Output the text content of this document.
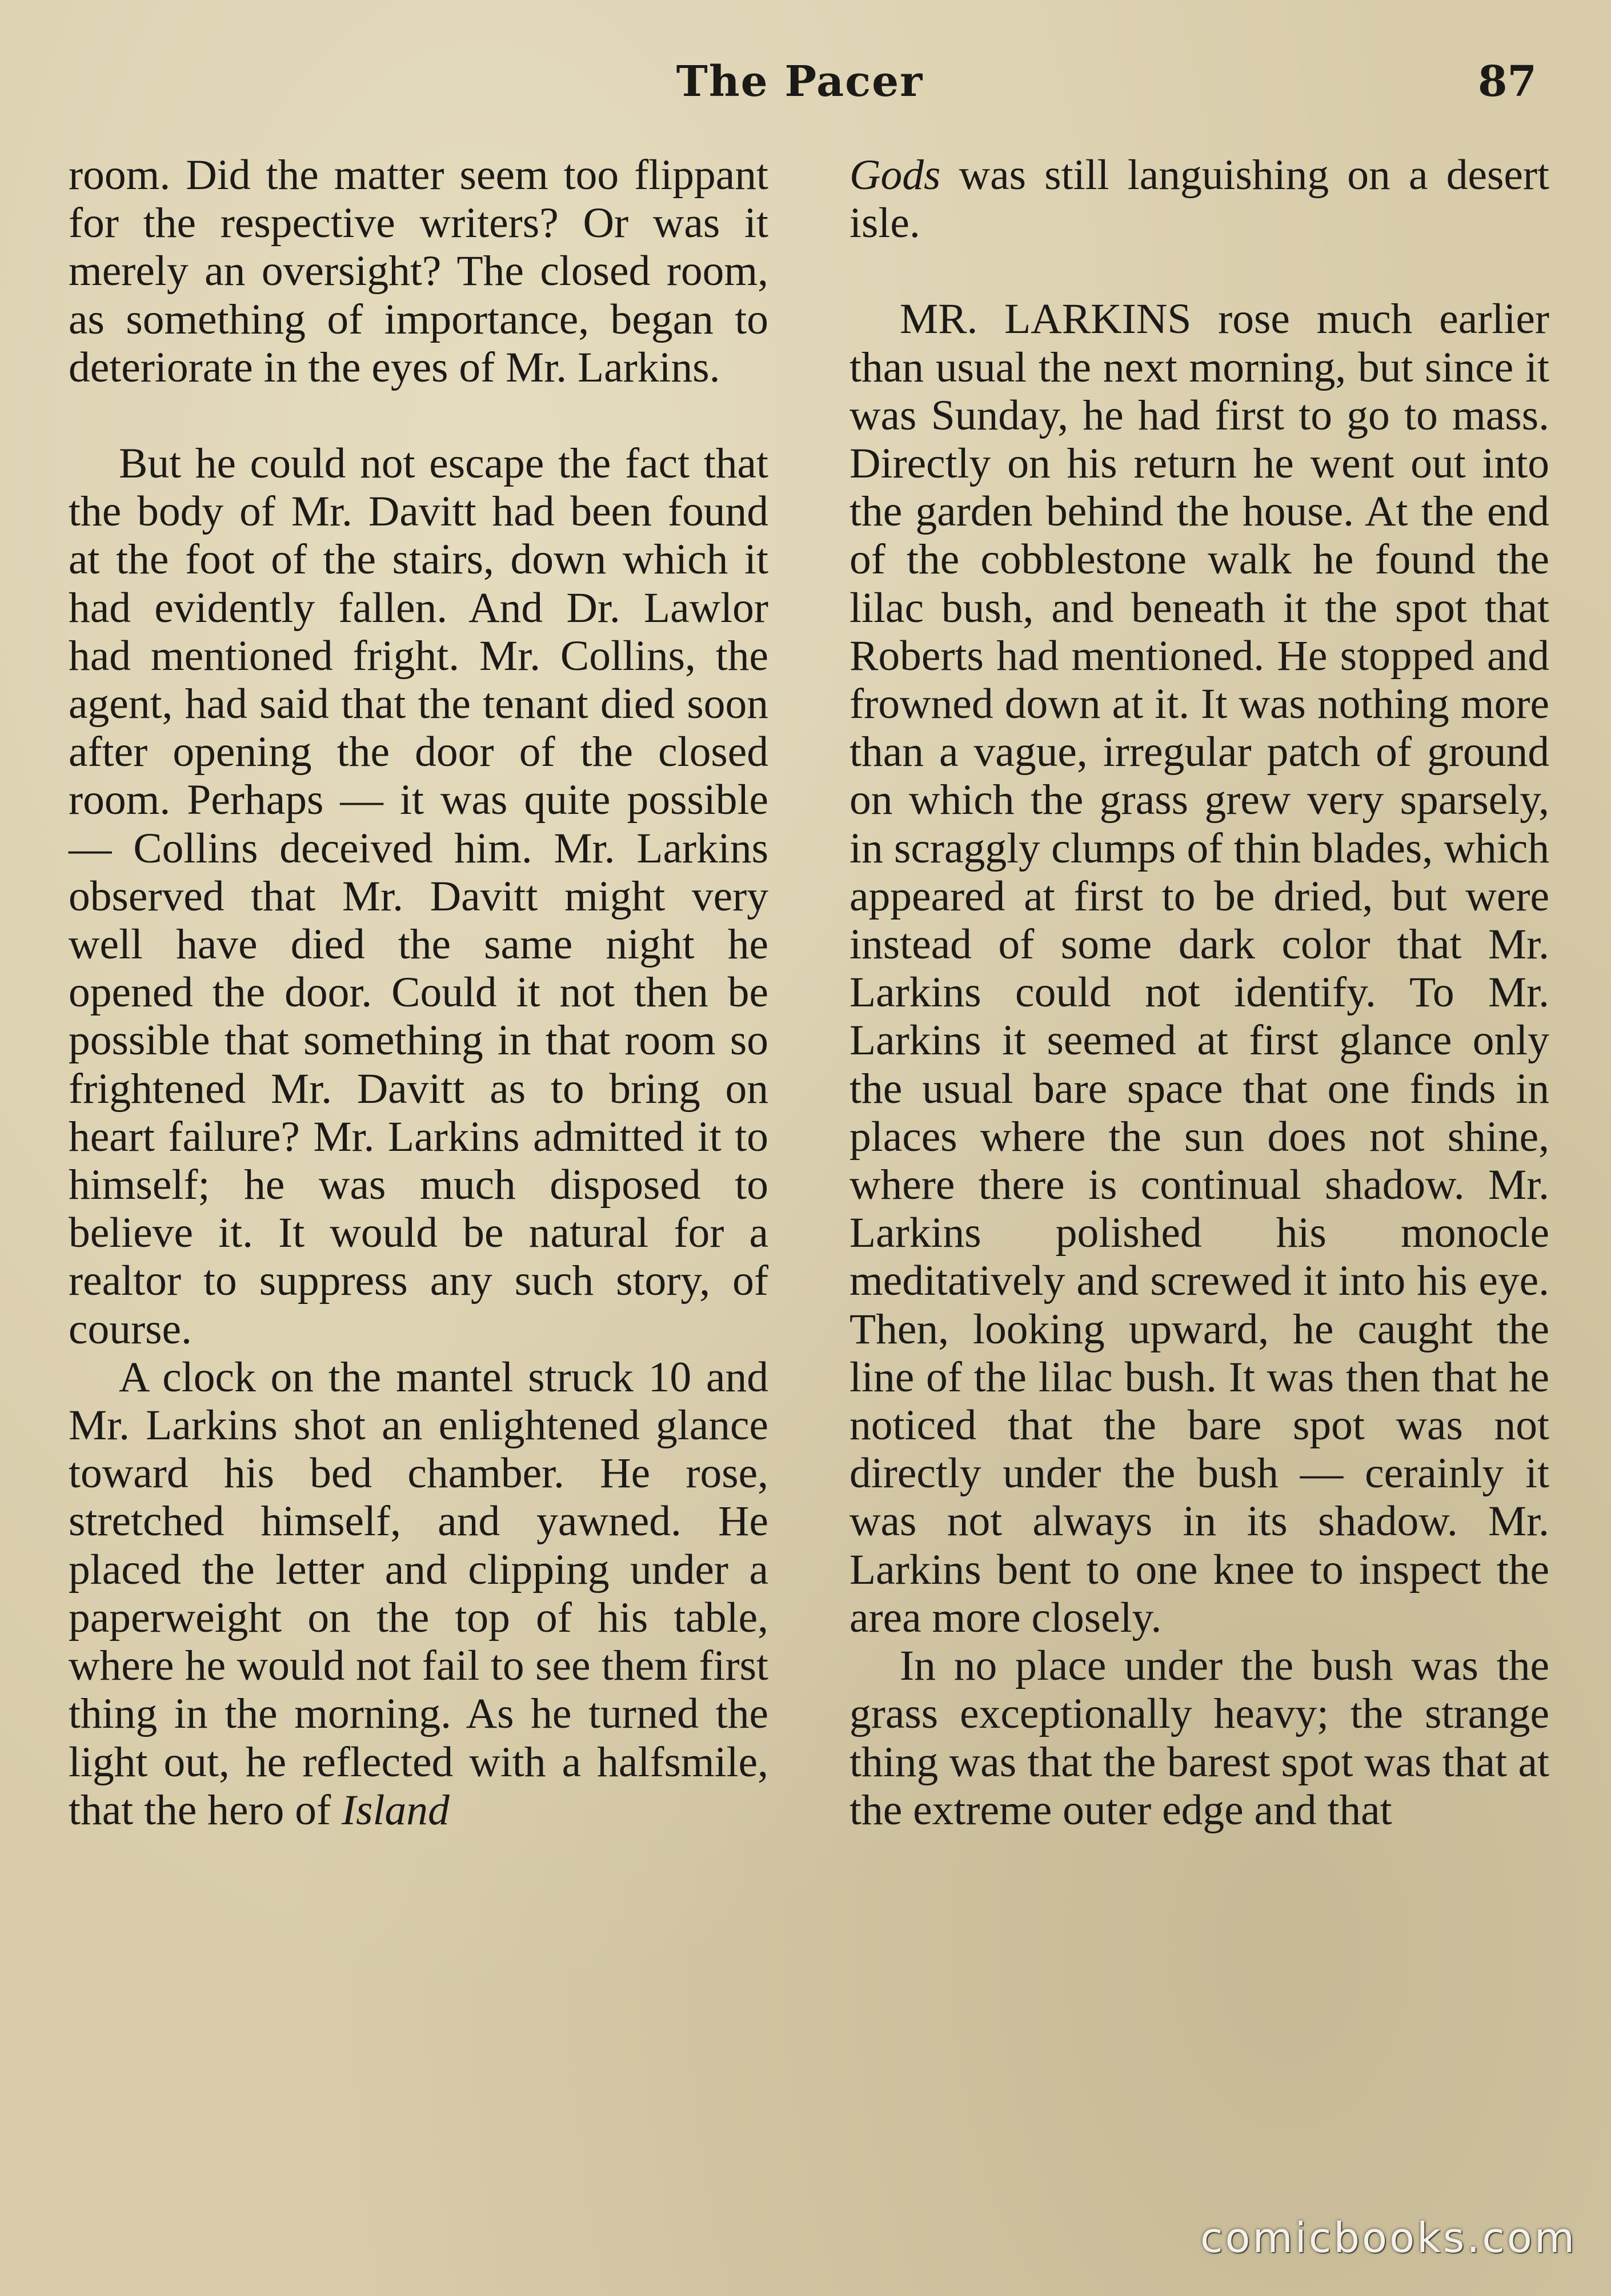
The Pacer	87

room. Did the matter seem too flippant for the respective writers? Or was it merely an oversight? The closed room, as something of importance, began to deteriorate in the eyes of Mr. Larkins.

But he could not escape the fact that the body of Mr. Davitt had been found at the foot of the stairs, down which it had evidently fallen. And Dr. Lawlor had mentioned fright. Mr. Collins, the agent, had said that the tenant died soon after opening the door of the closed room. Perhaps — it was quite possible — Collins deceived him. Mr. Larkins observed that Mr. Davitt might very well have died the same night he opened the door. Could it not then be possible that something in that room so frightened Mr. Davitt as to bring on heart failure? Mr. Larkins admitted it to himself; he was much disposed to believe it. It would be natural for a realtor to suppress any such story, of course.

A clock on the mantel struck 10 and Mr. Larkins shot an enlightened glance toward his bed chamber. He rose, stretched himself, and yawned. He placed the letter and clipping under a paperweight on the top of his table, where he would not fail to see them first thing in the morning. As he turned the light out, he reflected with a halfsmile, that the hero of Island

Gods was still languishing on a desert isle.

MR. LARKINS rose much earlier than usual the next morning, but since it was Sunday, he had first to go to mass. Directly on his return he went out into the garden behind the house. At the end of the cobblestone walk he found the lilac bush, and beneath it the spot that Roberts had mentioned. He stopped and frowned down at it. It was nothing more than a vague, irregular patch of ground on which the grass grew very sparsely, in scraggly clumps of thin blades, which appeared at first to be dried, but were instead of some dark color that Mr. Larkins could not identify. To Mr. Larkins it seemed at first glance only the usual bare space that one finds in places where the sun does not shine, where there is continual shadow. Mr. Larkins polished his monocle meditatively and screwed it into his eye. Then, looking upward, he caught the line of the lilac bush. It was then that he noticed that the bare spot was not directly under the bush — cerainly it was not always in its shadow. Mr. Larkins bent to one knee to inspect the area more closely.

In no place under the bush was the grass exceptionally heavy; the strange thing was that the barest spot was that at the extreme outer edge and that

comicbooks.com
